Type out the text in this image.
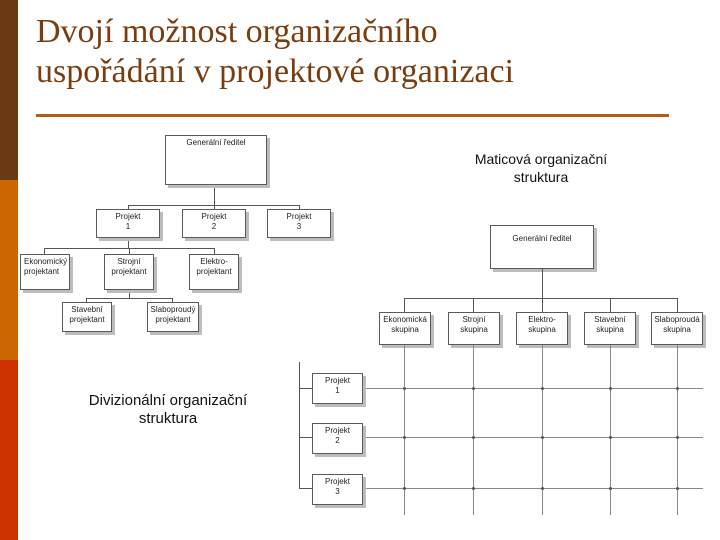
Dvojí možnost organizačního
uspořádání v projektové organizaci
Generální ředitel
Projekt
1
Projekt
2
Projekt
3
Ekonomický
projektant
Strojní
projektant
Elektro-
projektant
Stavební
projektant
Slaboproudý
projektant
Divizionální organizační
struktura
Maticová organizační
struktura
Generální ředitel
Ekonomická
skupina
Strojní
skupina
Elektro-
skupina
Stavební
skupina
Slaboproudá
skupina
Projekt
1
Projekt
2
Projekt
3
